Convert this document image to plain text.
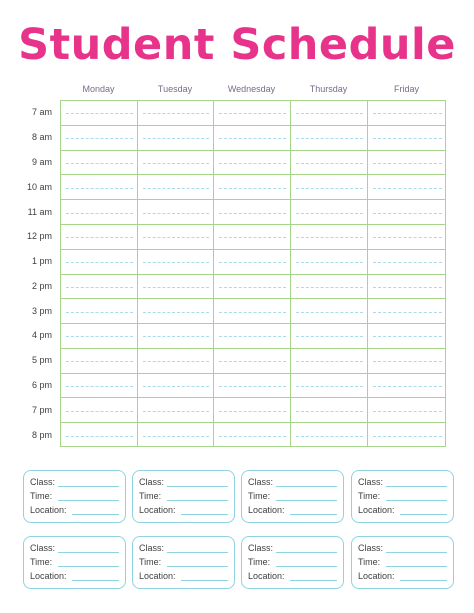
Student Schedule
Monday	Tuesday	Wednesday	Thursday	Friday
7 am
8 am
9 am
10 am
11 am
12 pm
1 pm
2 pm
3 pm
4 pm
5 pm
6 pm
7 pm
8 pm
Class:
Time:
Location:
Class:
Time:
Location:
Class:
Time:
Location:
Class:
Time:
Location:
Class:
Time:
Location:
Class:
Time:
Location:
Class:
Time:
Location:
Class:
Time:
Location:
